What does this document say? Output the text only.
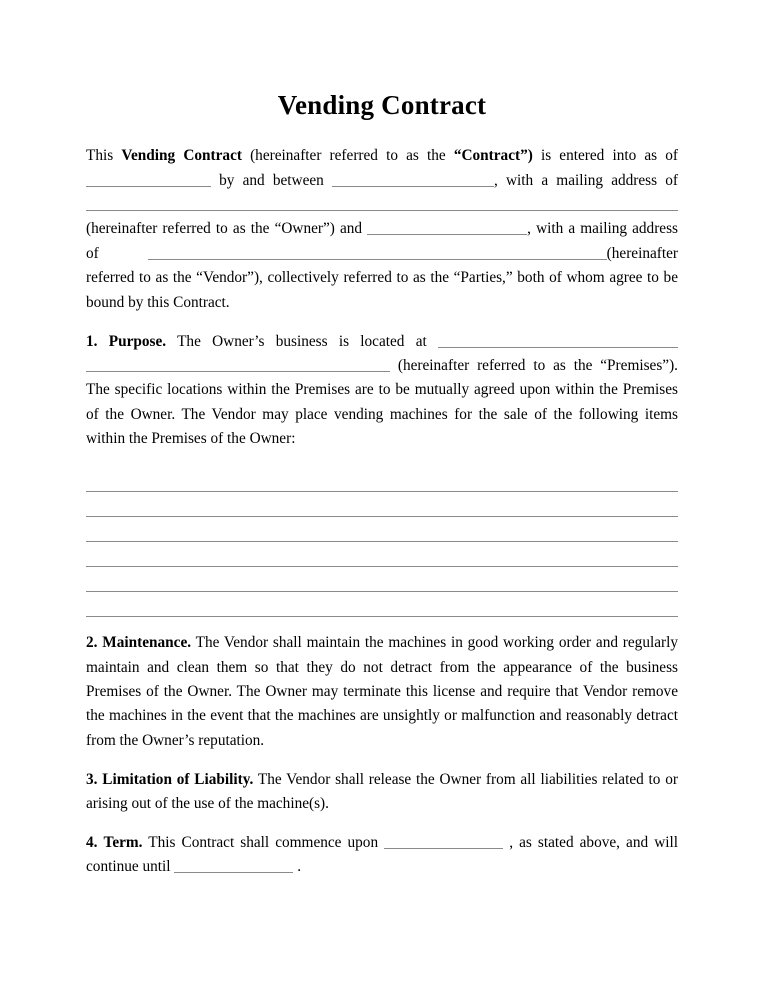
Vending Contract

This Vending Contract (hereinafter referred to as the “Contract”) is entered into as of  by and between	, with a mailing address of (hereinafter referred to as the “Owner”) and	, with a mailing address of	(hereinafter referred to as the “Vendor”), collectively referred to as the “Parties,” both of whom agree to be bound by this Contract.

1. Purpose. The Owner’s business is located at  (hereinafter referred to as the “Premises”). The specific locations within the Premises are to be mutually agreed upon within the Premises of the Owner. The Vendor may place vending machines for the sale of the following items within the Premises of the Owner:

2. Maintenance. The Vendor shall maintain the machines in good working order and regularly maintain and clean them so that they do not detract from the appearance of the business Premises of the Owner. The Owner may terminate this license and require that Vendor remove the machines in the event that the machines are unsightly or malfunction and reasonably detract from the Owner’s reputation.

3. Limitation of Liability. The Vendor shall release the Owner from all liabilities related to or arising out of the use of the machine(s).

4. Term. This Contract shall commence upon	, as stated above, and will continue until	.
